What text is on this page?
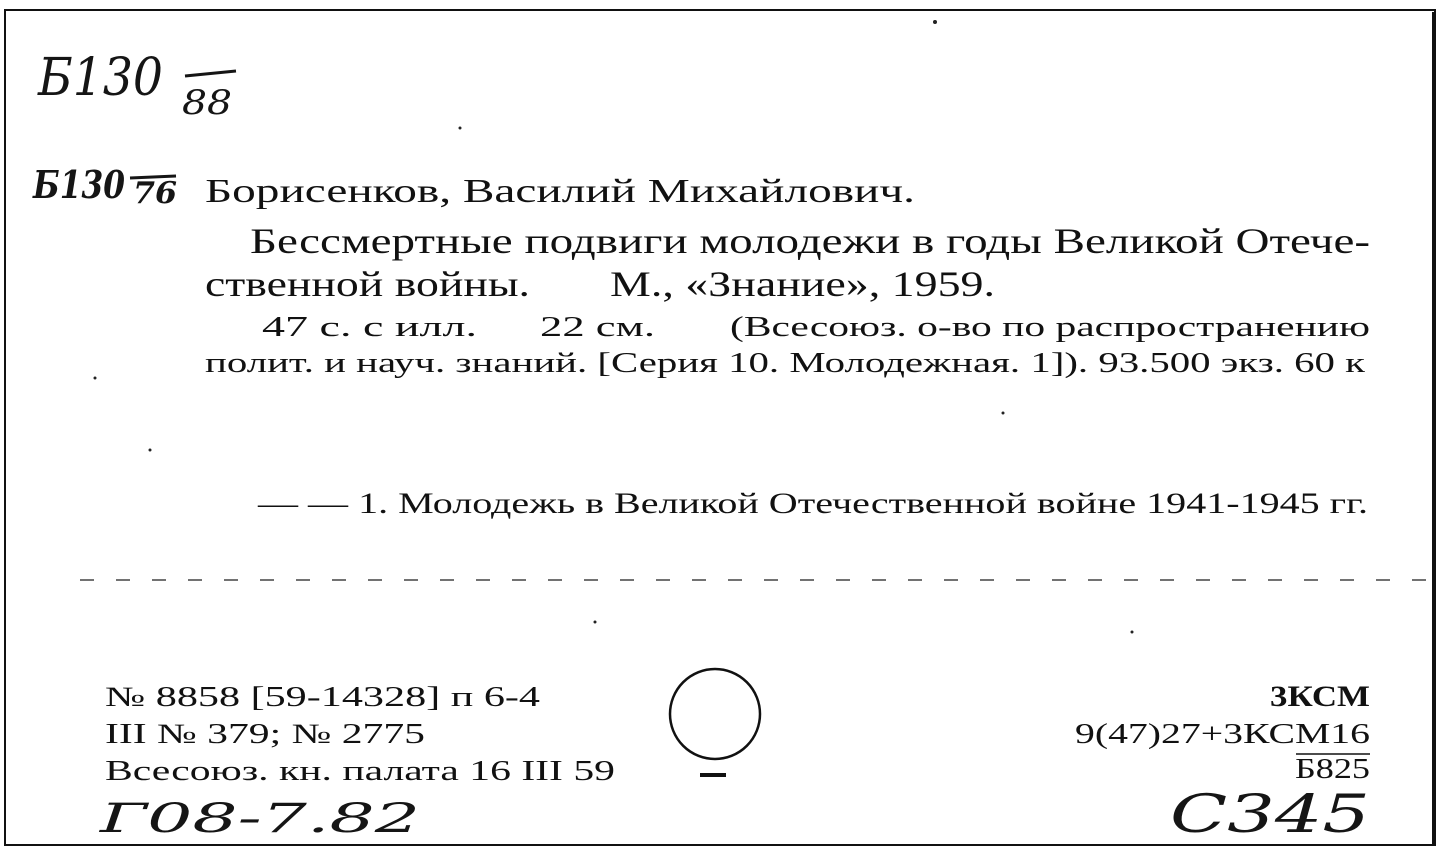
Б130 88
Б130 76 Борисенков, Василий Михайлович.
Бессмертные подвиги молодежи в годы Великой Отече-
ственной войны. М., «Знание», 1959.
47 с. с илл. 22 см.	(Всесоюз. о-во по распространению
полит. и науч. знаний. [Серия 10. Молодежная. 1]). 93.500 экз. 60 к
— — 1. Молодежь в Великой Отечественной войне 1941-1945 гг.
№ 8858 [59-14328] п 6-4
III № 379; № 2775
Всесоюз. кн. палата 16 III 59
Г08-7.82
3КСМ
9(47)27+3КСМ16
Б825
С345
